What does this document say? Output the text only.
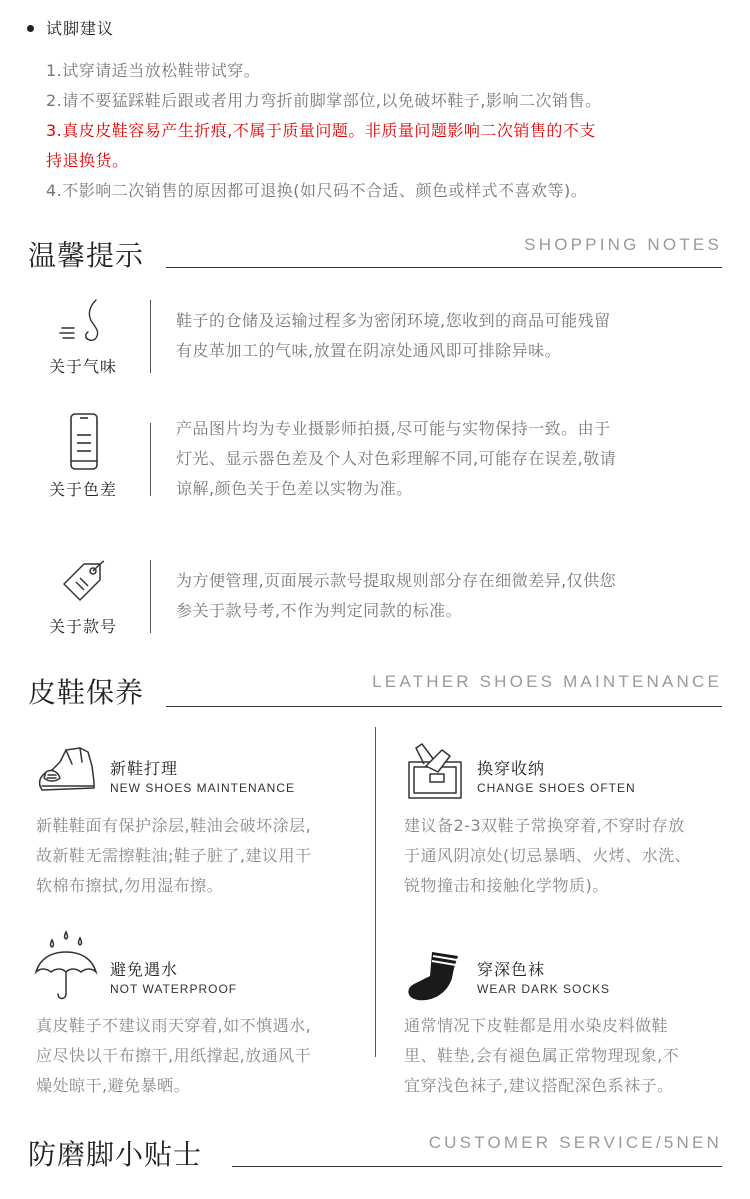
试脚建议
1.试穿请适当放松鞋带试穿。
2.请不要猛踩鞋后跟或者用力弯折前脚掌部位,以免破坏鞋子,影响二次销售。
3.真皮皮鞋容易产生折痕,不属于质量问题。非质量问题影响二次销售的不支
持退换货。
4.不影响二次销售的原因都可退换(如尺码不合适、颜色或样式不喜欢等)。
温馨提示	SHOPPING NOTES
关于气味
鞋子的仓储及运输过程多为密闭环境,您收到的商品可能残留
有皮革加工的气味,放置在阴凉处通风即可排除异味。
关于色差
产品图片均为专业摄影师拍摄,尽可能与实物保持一致。由于
灯光、显示器色差及个人对色彩理解不同,可能存在误差,敬请
谅解,颜色关于色差以实物为准。
关于款号
为方便管理,页面展示款号提取规则部分存在细微差异,仅供您
参关于款号考,不作为判定同款的标准。
皮鞋保养	LEATHER SHOES MAINTENANCE
新鞋打理
NEW SHOES MAINTENANCE
新鞋鞋面有保护涂层,鞋油会破坏涂层,
故新鞋无需擦鞋油;鞋子脏了,建议用干
软棉布擦拭,勿用湿布擦。
换穿收纳
CHANGE SHOES OFTEN
建议备2-3双鞋子常换穿着,不穿时存放
于通风阴凉处(切忌暴晒、火烤、水洗、
锐物撞击和接触化学物质)。
避免遇水
NOT WATERPROOF
真皮鞋子不建议雨天穿着,如不慎遇水,
应尽快以干布擦干,用纸撑起,放通风干
燥处晾干,避免暴晒。
穿深色袜
WEAR DARK SOCKS
通常情况下皮鞋都是用水染皮料做鞋
里、鞋垫,会有褪色属正常物理现象,不
宜穿浅色袜子,建议搭配深色系袜子。
防磨脚小贴士	CUSTOMER SERVICE/5NEN
